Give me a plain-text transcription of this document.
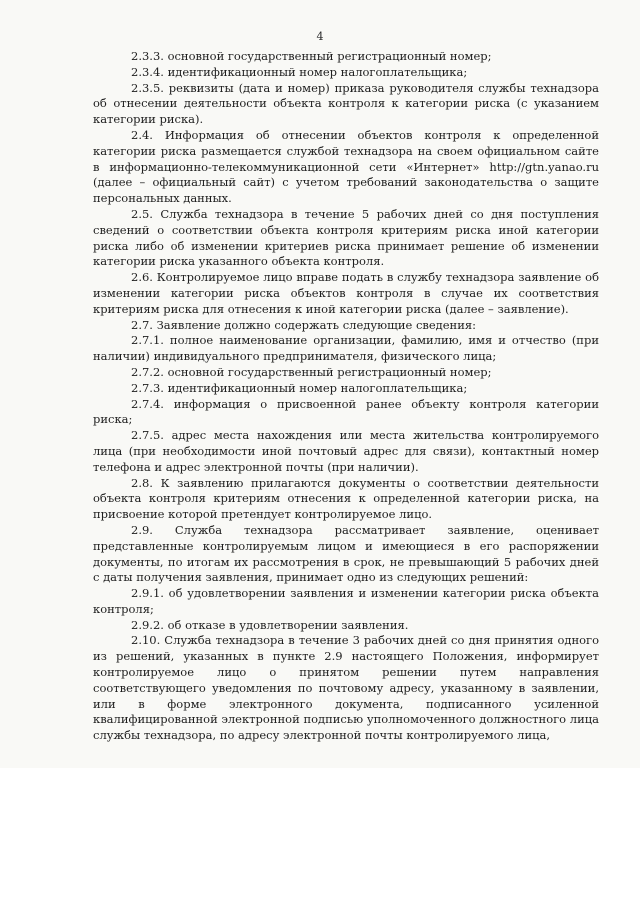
4

2.3.3. основной государственный регистрационный номер;

2.3.4. идентификационный номер налогоплательщика;

2.3.5. реквизиты (дата и номер) приказа руководителя службы технадзора об отнесении деятельности объекта контроля к категории риска (с указанием категории риска).

2.4. Информация об отнесении объектов контроля к определенной категории риска размещается службой технадзора на своем официальном сайте в информационно-телекоммуникационной сети «Интернет» http://gtn.yanao.ru (далее – официальный сайт) с учетом требований законодательства о защите персональных данных.

2.5. Служба технадзора в течение 5 рабочих дней со дня поступления сведений о соответствии объекта контроля критериям риска иной категории риска либо об изменении критериев риска принимает решение об изменении категории риска указанного объекта контроля.

2.6. Контролируемое лицо вправе подать в службу технадзора заявление об изменении категории риска объектов контроля в случае их соответствия критериям риска для отнесения к иной категории риска (далее – заявление).

2.7. Заявление должно содержать следующие сведения:

2.7.1. полное наименование организации, фамилию, имя и отчество (при наличии) индивидуального предпринимателя, физического лица;

2.7.2. основной государственный регистрационный номер;

2.7.3. идентификационный номер налогоплательщика;

2.7.4. информация о присвоенной ранее объекту контроля категории риска;

2.7.5. адрес места нахождения или места жительства контролируемого лица (при необходимости иной почтовый адрес для связи), контактный номер телефона и адрес электронной почты (при наличии).

2.8. К заявлению прилагаются документы о соответствии деятельности объекта контроля критериям отнесения к определенной категории риска, на присвоение которой претендует контролируемое лицо.

2.9. Служба технадзора рассматривает заявление, оценивает представленные контролируемым лицом и имеющиеся в его распоряжении документы, по итогам их рассмотрения в срок, не превышающий 5 рабочих дней с даты получения заявления, принимает одно из следующих решений:

2.9.1. об удовлетворении заявления и изменении категории риска объекта контроля;

2.9.2. об отказе в удовлетворении заявления.

2.10. Служба технадзора в течение 3 рабочих дней со дня принятия одного из решений, указанных в пункте 2.9 настоящего Положения, информирует контролируемое лицо о принятом решении путем направления соответствующего уведомления по почтовому адресу, указанному в заявлении, или в форме электронного документа, подписанного усиленной квалифицированной электронной подписью уполномоченного должностного лица службы технадзора, по адресу электронной почты контролируемого лица,
